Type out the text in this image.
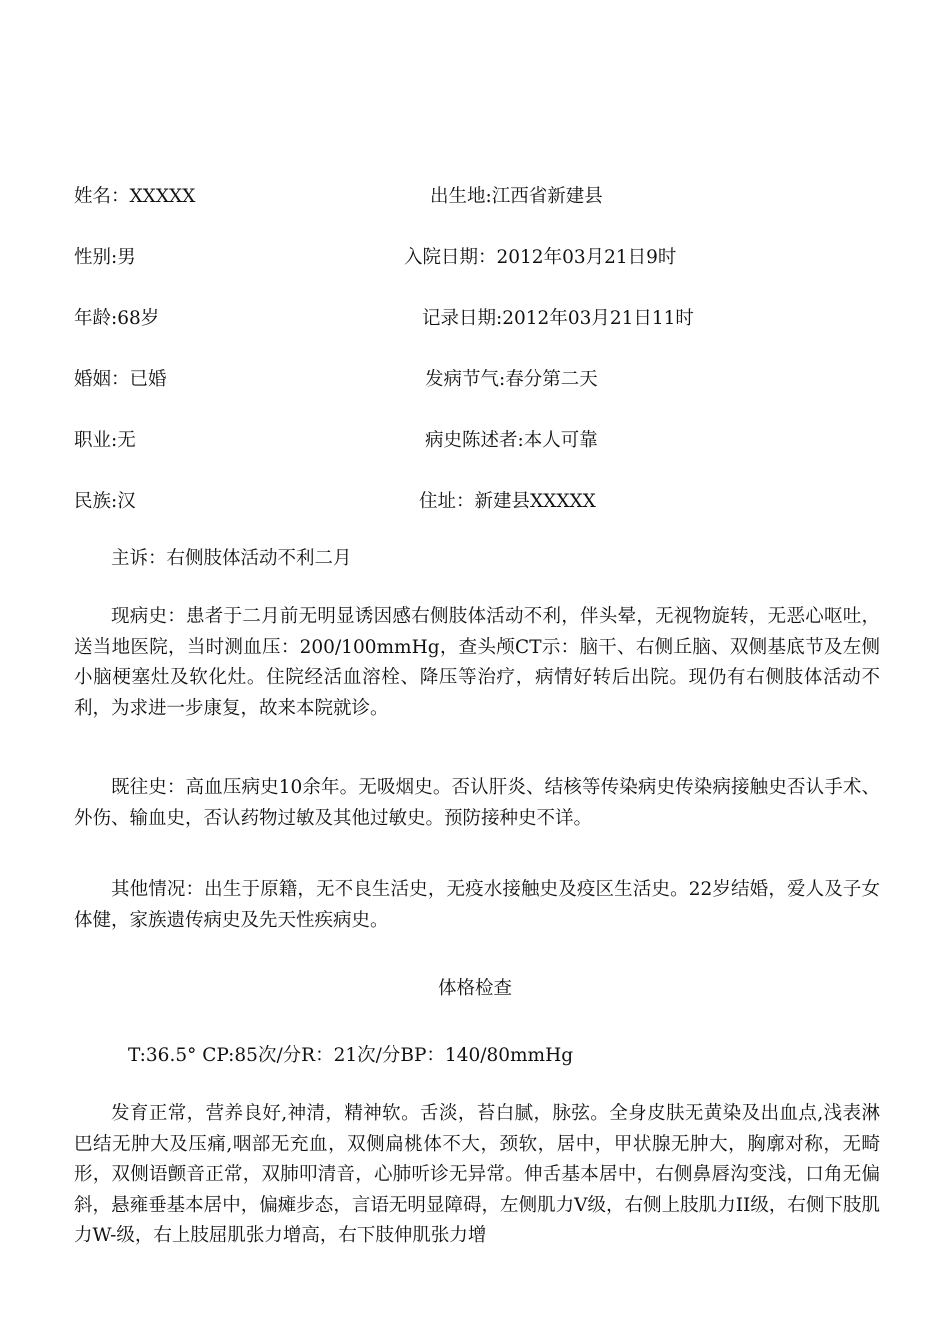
姓名：XXXXX
性别:男
年龄:68岁
婚姻：已婚
职业:无
民族:汉
出生地:江西省新建县
入院日期：2012年03月21日9时
记录日期:2012年03月21日11时
发病节气:春分第二天
病史陈述者:本人可靠
住址：新建县XXXXX
主诉：右侧肢体活动不利二月
现病史：患者于二月前无明显诱因感右侧肢体活动不利，伴头晕，无视物旋转，无恶心呕吐，送当地医院，当时测血压：200/100mmHg，查头颅CT示：脑干、右侧丘脑、双侧基底节及左侧小脑梗塞灶及软化灶。住院经活血溶栓、降压等治疗，病情好转后出院。现仍有右侧肢体活动不利，为求进一步康复，故来本院就诊。
既往史：高血压病史10余年。无吸烟史。否认肝炎、结核等传染病史传染病接触史否认手术、外伤、输血史，否认药物过敏及其他过敏史。预防接种史不详。
其他情况：出生于原籍，无不良生活史，无疫水接触史及疫区生活史。22岁结婚，爱人及子女体健，家族遗传病史及先天性疾病史。
体格检查
T:36.5° CP:85次/分R：21次/分BP：140/80mmHg
发育正常，营养良好,神清，精神软。舌淡，苔白腻，脉弦。全身皮肤无黄染及出血点,浅表淋巴结无肿大及压痛,咽部无充血，双侧扁桃体不大，颈软，居中，甲状腺无肿大，胸廓对称，无畸形，双侧语颤音正常，双肺叩清音，心肺听诊无异常。伸舌基本居中，右侧鼻唇沟变浅，口角无偏斜，悬雍垂基本居中，偏瘫步态，言语无明显障碍，左侧肌力V级，右侧上肢肌力II级，右侧下肢肌力W-级，右上肢屈肌张力增高，右下肢伸肌张力增
